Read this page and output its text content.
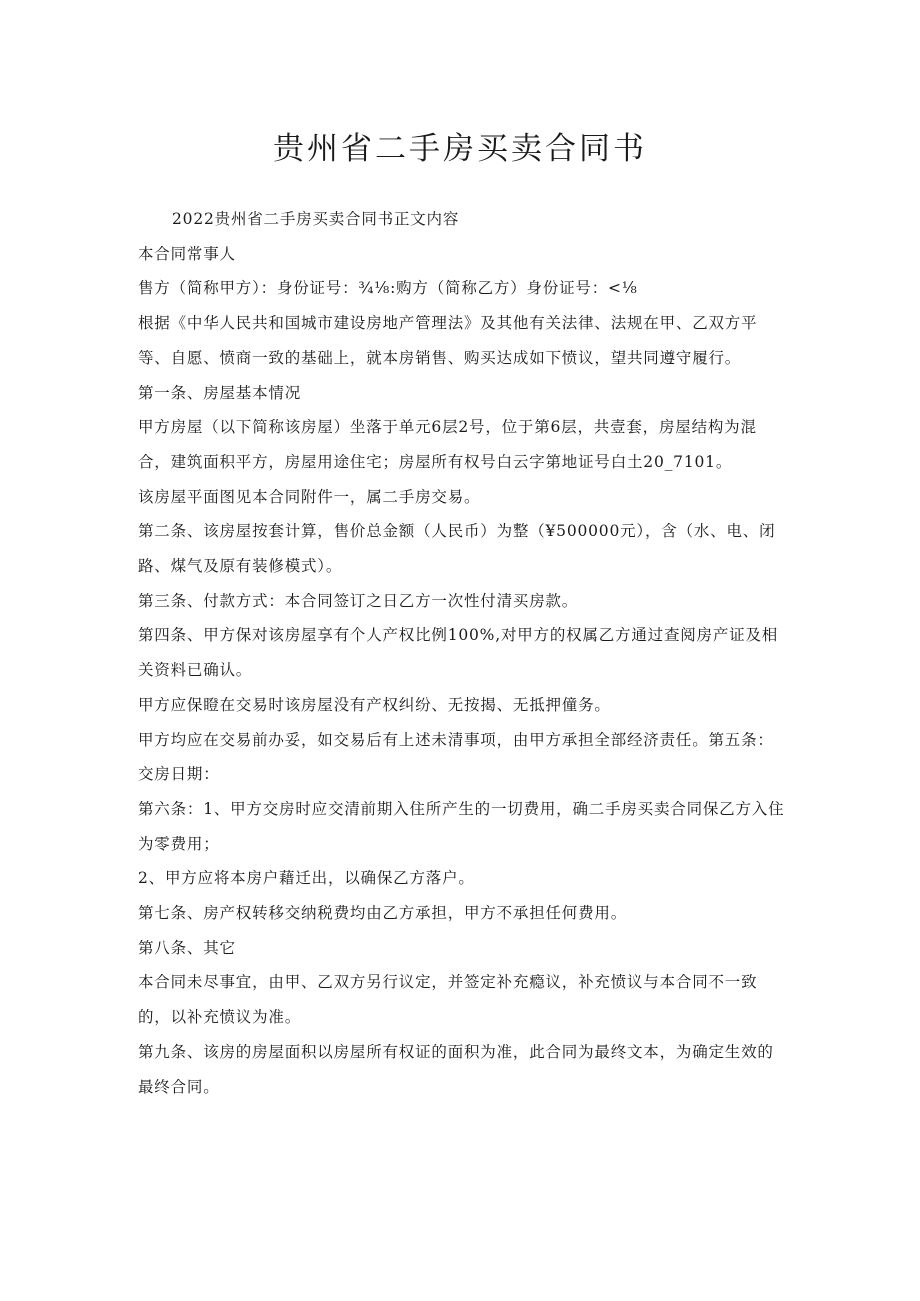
贵州省二手房买卖合同书

2022贵州省二手房买卖合同书正文内容

本合同常事人

售方（简称甲方）：身份证号：¾⅛:购方（简称乙方）身份证号：<⅛

根据《中华人民共和国城市建设房地产管理法》及其他有关法律、法规在甲、乙双方平等、自愿、愤商一致的基础上，就本房销售、购买达成如下愤议，望共同遵守履行。

第一条、房屋基本情况

甲方房屋（以下简称该房屋）坐落于单元6层2号，位于第6层，共壹套，房屋结构为混合，建筑面积平方，房屋用途住宅；房屋所有权号白云字第地证号白土20_7101。

该房屋平面图见本合同附件一，属二手房交易。

第二条、该房屋按套计算，售价总金额（人民币）为整（¥500000元），含（水、电、闭路、煤气及原有装修模式）。

第三条、付款方式：本合同签订之日乙方一次性付清买房款。

第四条、甲方保对该房屋享有个人产权比例100%,对甲方的权属乙方通过查阅房产证及相关资料已确认。

甲方应保瞪在交易时该房屋没有产权纠纷、无按揭、无抵押僮务。

甲方均应在交易前办妥，如交易后有上述未清事项，由甲方承担全部经济责任。第五条：交房日期：

第六条：1、甲方交房时应交清前期入住所产生的一切费用，确二手房买卖合同保乙方入住为零费用；

2、甲方应将本房户藉迁出，以确保乙方落户。

第七条、房产权转移交纳税费均由乙方承担，甲方不承担任何费用。

第八条、其它

本合同未尽事宜，由甲、乙双方另行议定，并签定补充瘾议，补充愤议与本合同不一致的，以补充愤议为准。

第九条、该房的房屋面积以房屋所有权证的面积为准，此合同为最终文本，为确定生效的最终合同。
